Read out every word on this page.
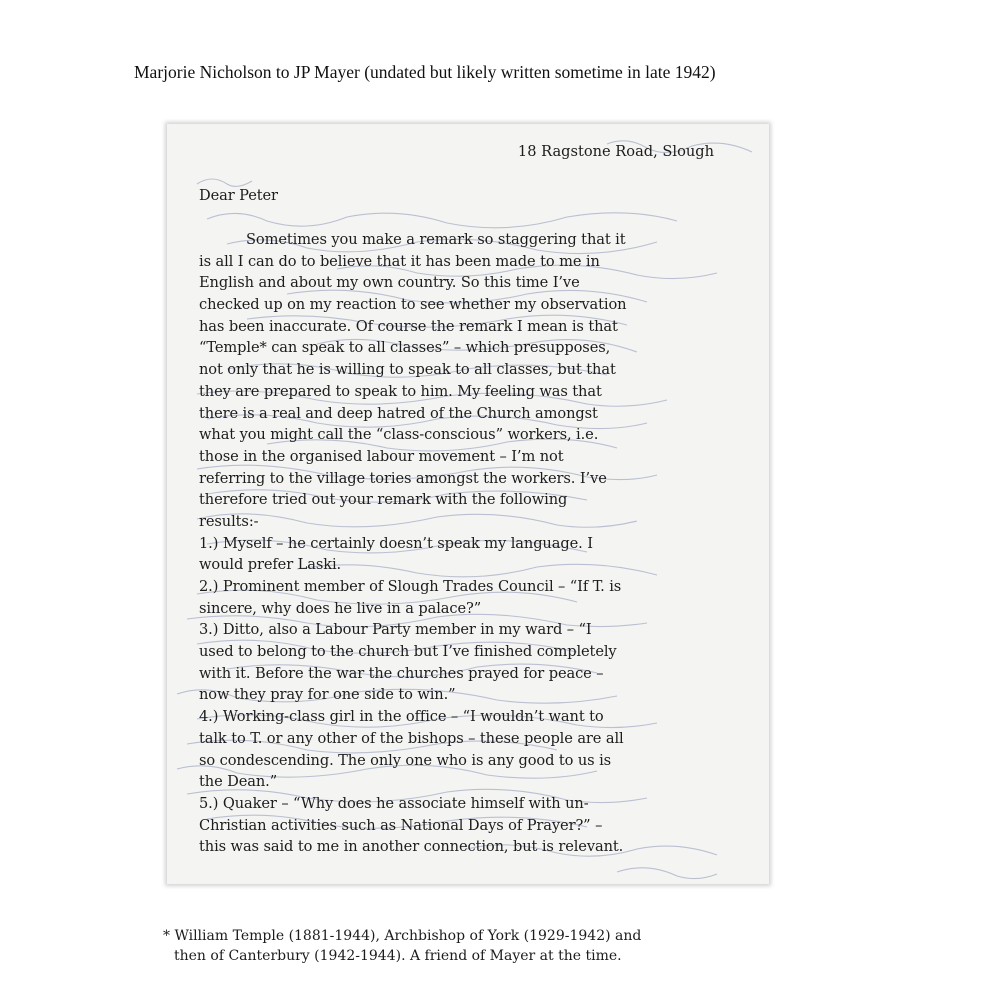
Marjorie Nicholson to JP Mayer (undated but likely written sometime in late 1942)
18 Ragstone Road, Slough
Dear Peter
Sometimes you make a remark so staggering that it
is all I can do to believe that it has been made to me in
English and about my own country. So this time I’ve
checked up on my reaction to see whether my observation
has been inaccurate. Of course the remark I mean is that
“Temple* can speak to all classes” – which presupposes,
not only that he is willing to speak to all classes, but that
they are prepared to speak to him. My feeling was that
there is a real and deep hatred of the Church amongst
what you might call the “class-conscious” workers, i.e.
those in the organised labour movement – I’m not
referring to the village tories amongst the workers. I’ve
therefore tried out your remark with the following
results:-
1.) Myself – he certainly doesn’t speak my language. I
would prefer Laski.
2.) Prominent member of Slough Trades Council – “If T. is
sincere, why does he live in a palace?”
3.) Ditto, also a Labour Party member in my ward – “I
used to belong to the church but I’ve finished completely
with it. Before the war the churches prayed for peace –
now they pray for one side to win.”
4.) Working-class girl in the office – “I wouldn’t want to
talk to T. or any other of the bishops – these people are all
so condescending. The only one who is any good to us is
the Dean.”
5.) Quaker – “Why does he associate himself with un-
Christian activities such as National Days of Prayer?” –
this was said to me in another connection, but is relevant.
* William Temple (1881-1944), Archbishop of York (1929-1942) and
then of Canterbury (1942-1944). A friend of Mayer at the time.
